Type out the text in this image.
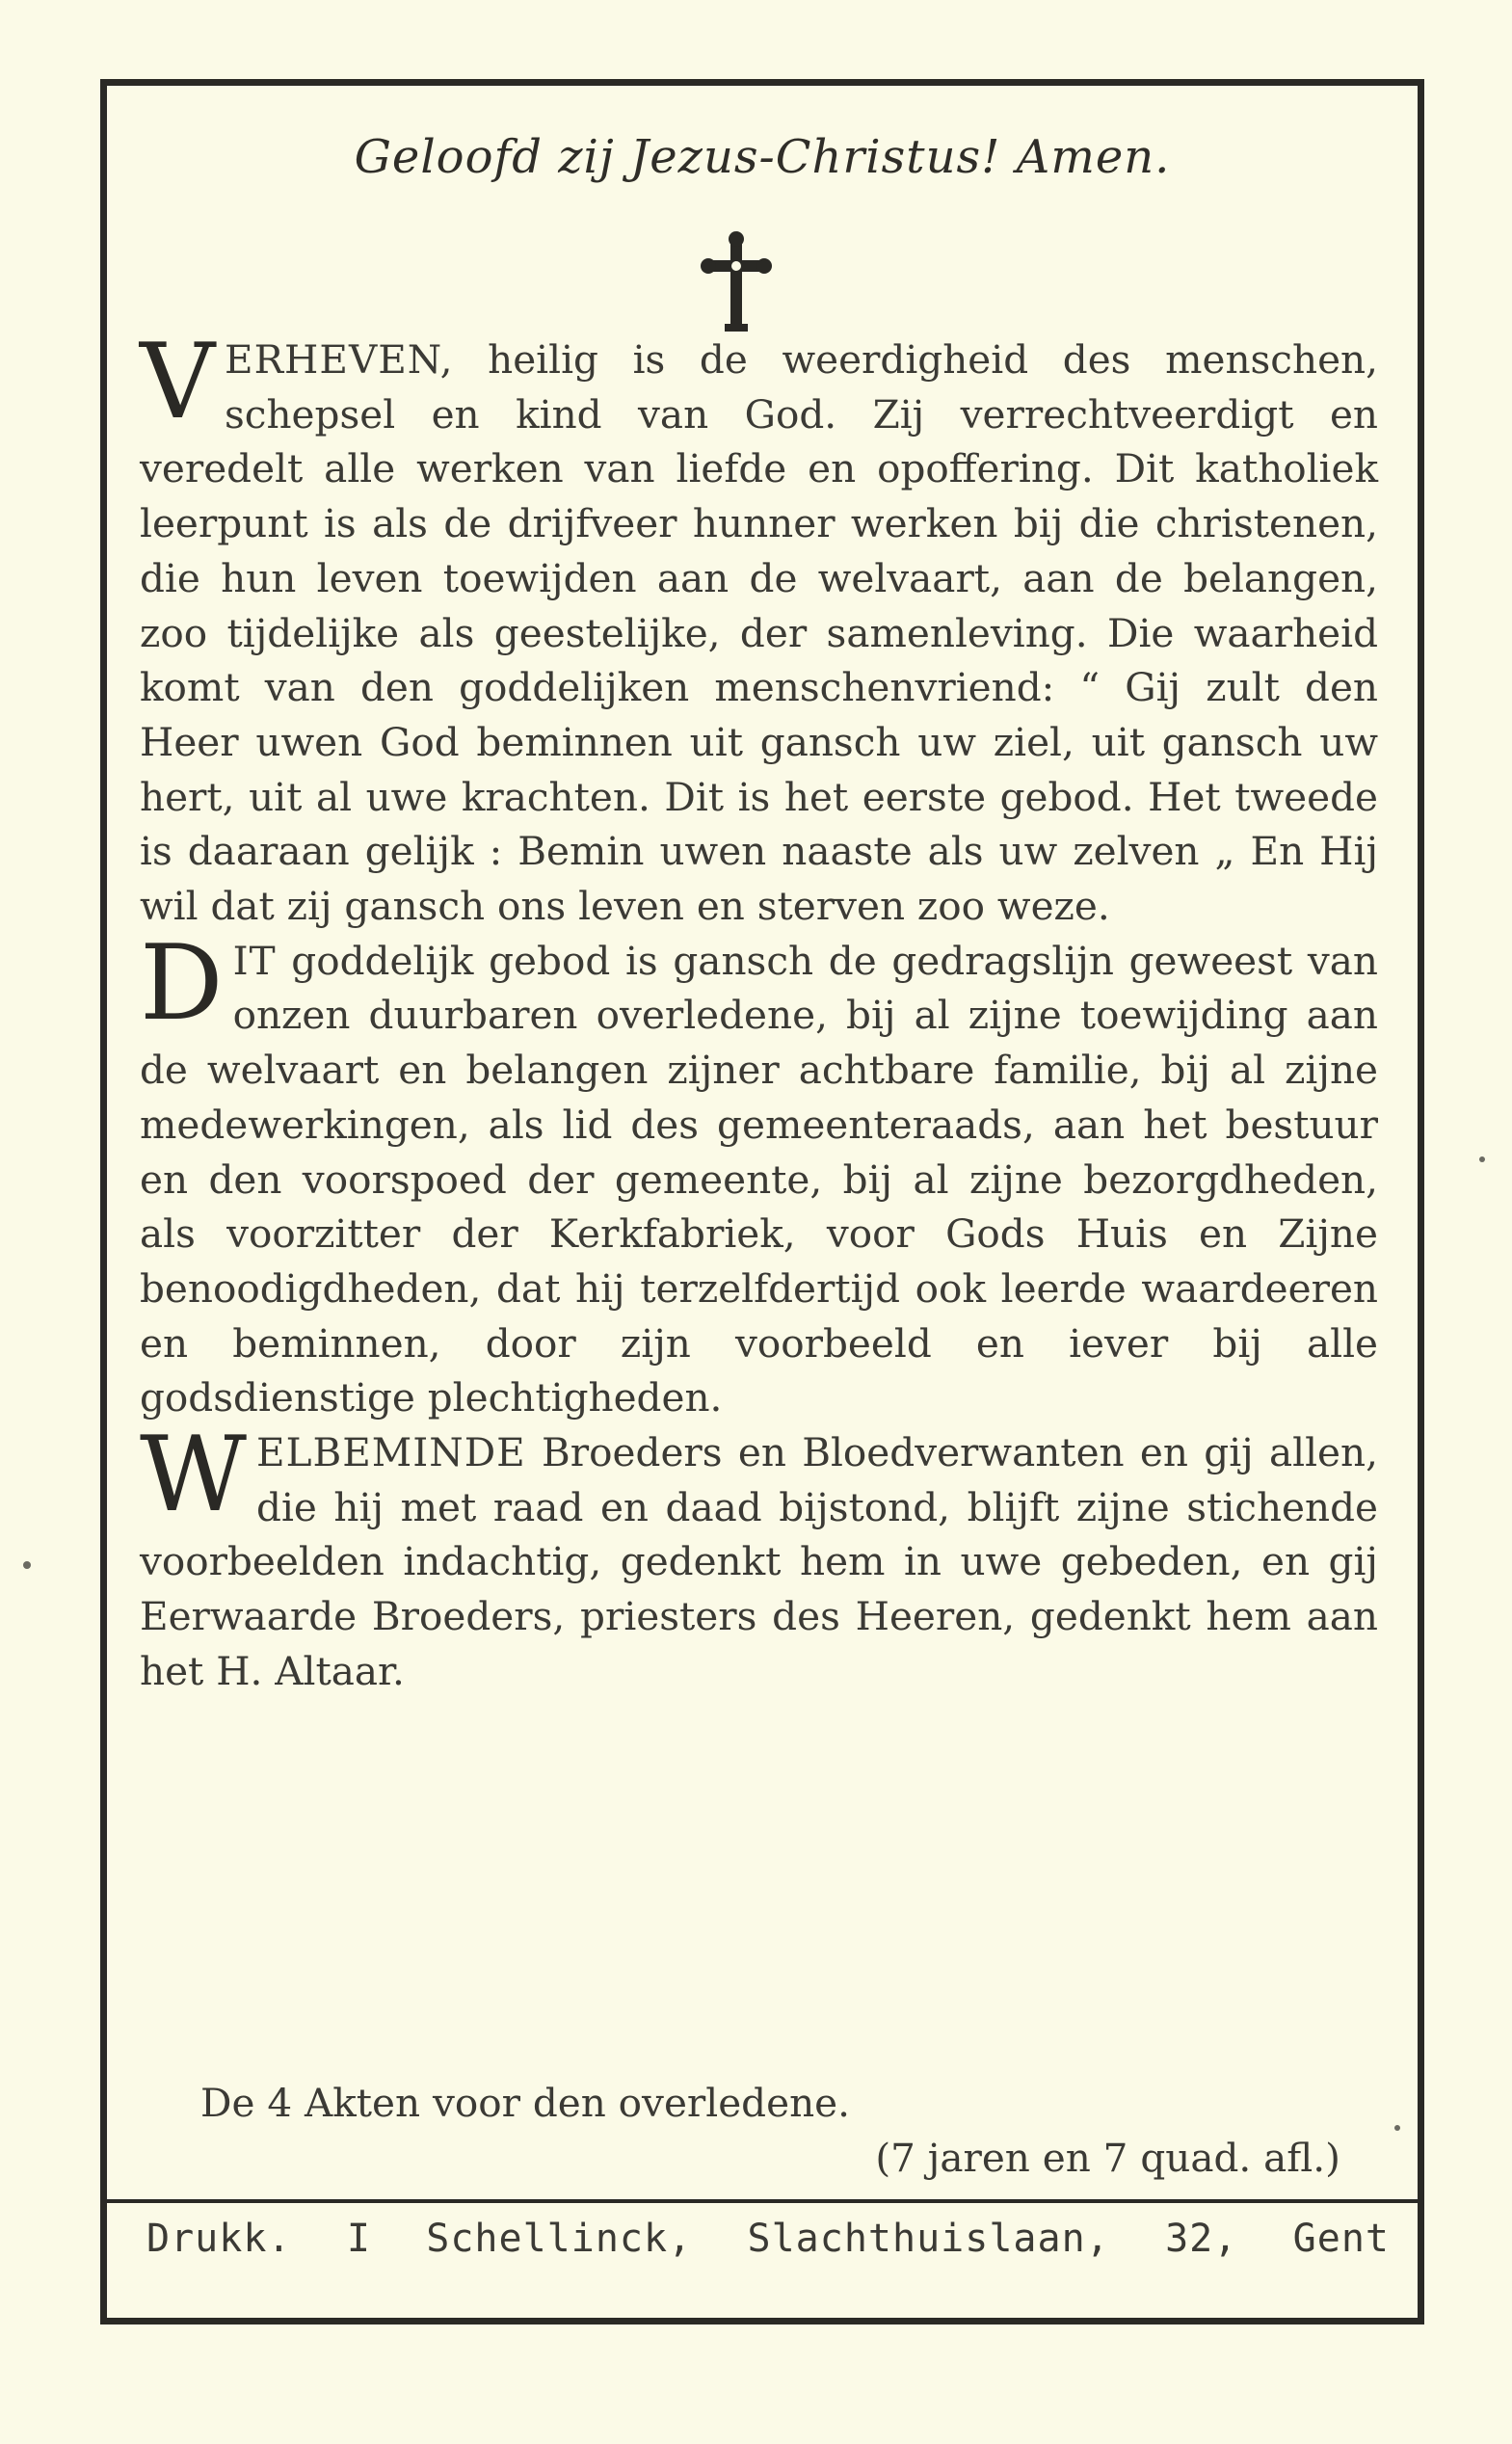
Geloofd zij Jezus-Christus! Amen.

VERHEVEN, heilig is de weerdigheid des menschen, schepsel en kind van God. Zij verrechtveerdigt en veredelt alle werken van liefde en opoffering. Dit katholiek leerpunt is als de drijfveer hunner werken bij die christenen, die hun leven toewijden aan de welvaart, aan de belangen, zoo tijdelijke als geestelijke, der samenleving. Die waarheid komt van den goddelijken menschenvriend: “ Gij zult den Heer uwen God beminnen uit gansch uw ziel, uit gansch uw hert, uit al uwe krachten. Dit is het eerste gebod. Het tweede is daaraan gelijk : Bemin uwen naaste als uw zelven „ En Hij wil dat zij gansch ons leven en sterven zoo weze.

DIT goddelijk gebod is gansch de gedragslijn geweest van onzen duurbaren overledene, bij al zijne toewijding aan de welvaart en belangen zijner achtbare familie, bij al zijne medewerkingen, als lid des gemeenteraads, aan het bestuur en den voorspoed der gemeente, bij al zijne bezorgdheden, als voorzitter der Kerkfabriek, voor Gods Huis en Zijne benoodigdheden, dat hij terzelfdertijd ook leerde waardeeren en beminnen, door zijn voorbeeld en iever bij alle godsdienstige plechtigheden.

WELBEMINDE Broeders en Bloedverwanten en gij allen, die hij met raad en daad bijstond, blijft zijne stichende voorbeelden indachtig, gedenkt hem in uwe gebeden, en gij Eerwaarde Broeders, priesters des Heeren, gedenkt hem aan het H. Altaar.

De 4 Akten voor den overledene.
(7 jaren en 7 quad. afl.)
Drukk. I Schellinck, Slachthuislaan, 32, Gent
